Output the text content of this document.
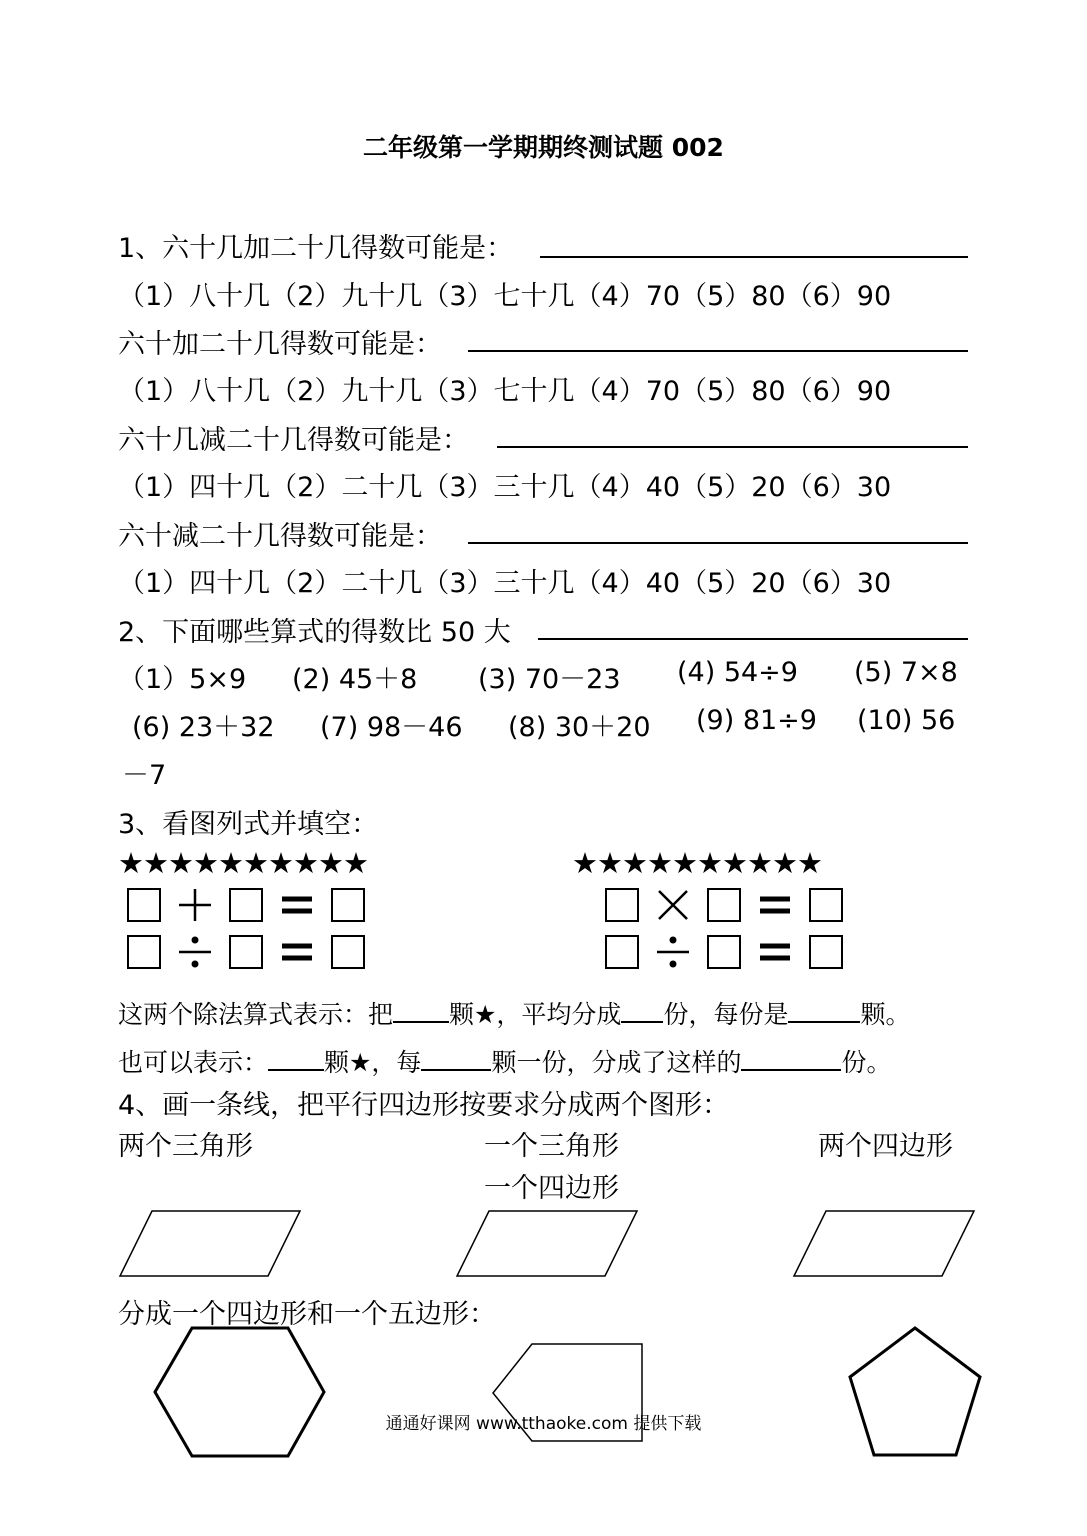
二年级第一学期期终测试题 002
1、六十几加二十几得数可能是：
（1）八十几（2）九十几（3）七十几（4）70（5）80（6）90
六十加二十几得数可能是：
（1）八十几（2）九十几（3）七十几（4）70（5）80（6）90
六十几减二十几得数可能是：
（1）四十几（2）二十几（3）三十几（4）40（5）20（6）30
六十减二十几得数可能是：
（1）四十几（2）二十几（3）三十几（4）40（5）20（6）30
2、下面哪些算式的得数比 50 大
（1）5×9 (2) 45＋8 (3) 70－23 (4) 54÷9 (5) 7×8
(6) 23＋32 (7) 98－46 (8) 30＋20 (9) 81÷9 (10) 56
－7
3、看图列式并填空：
★★★★★★★★★★	★★★★★★★★★★
这两个除法算式表示：把 颗★，平均分成 份，每份是	颗。
也可以表示： 颗★，每	颗一份，分成了这样的	份。
4、画一条线，把平行四边形按要求分成两个图形：
两个三角形	一个三角形
一个四边形
两个四边形
分成一个四边形和一个五边形：
通通好课网 www.tthaoke.com 提供下载
